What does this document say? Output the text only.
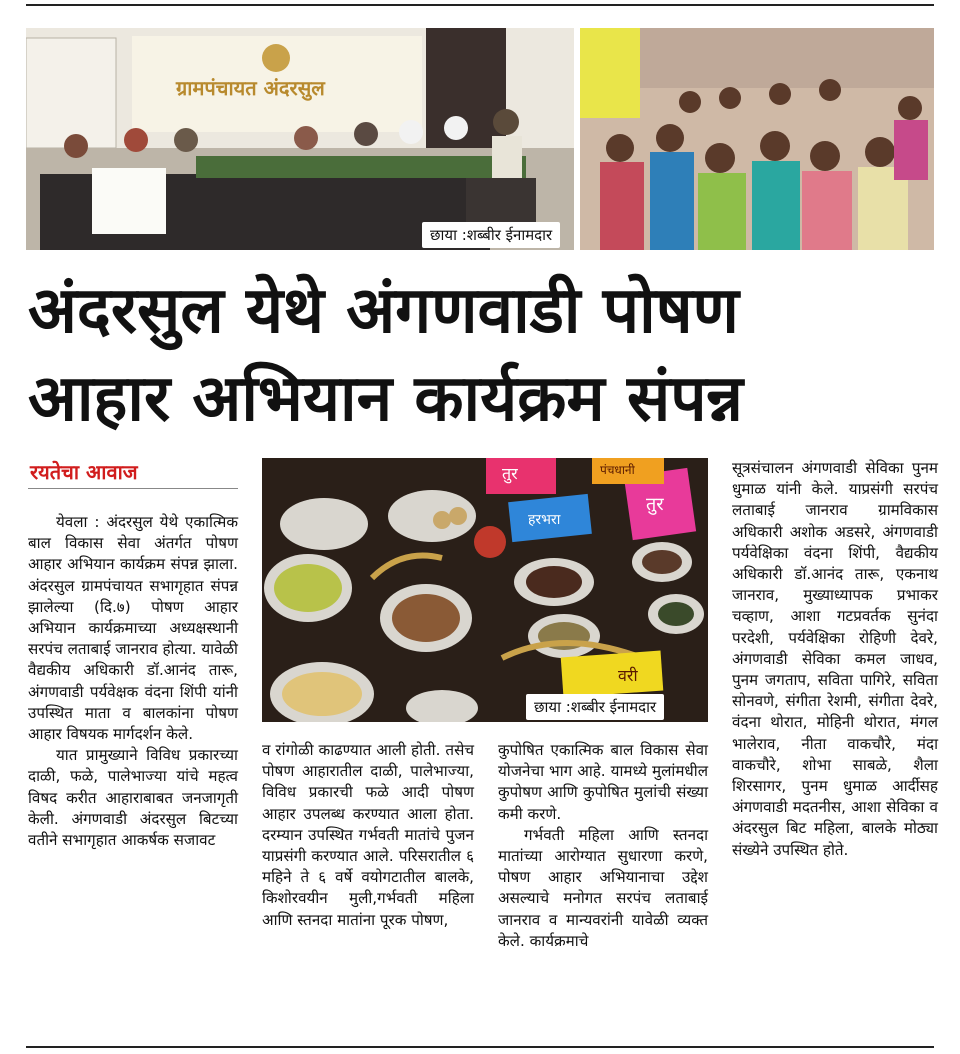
ग्रामपंचायत अंदरसुल
छाया :शब्बीर ईनामदार
अंदरसुल येथे अंगणवाडी पोषण
आहार अभियान कार्यक्रम संपन्न
रयतेचा आवाज	तुर
हरभरा
तुर
पंचधानी
वरी
छाया :शब्बीर ईनामदार

येवला : अंदरसुल येथे एकात्मिक बाल विकास सेवा अंतर्गत पोषण आहार अभियान कार्यक्रम संपन्न झाला. अंदरसुल ग्रामपंचायत सभागृहात संपन्न झालेल्या (दि.७) पोषण आहार अभियान कार्यक्रमाच्या अध्यक्षस्थानी सरपंच लताबाई जानराव होत्या. यावेळी वैद्यकीय अधिकारी डॉ.आनंद तारू, अंगणवाडी पर्यवेक्षक वंदना शिंपी यांनी उपस्थित माता व बालकांना पोषण आहार विषयक मार्गदर्शन केले.

यात प्रामुख्याने विविध प्रकारच्या दाळी, फळे, पालेभाज्या यांचे महत्व विषद करीत आहाराबाबत जनजागृती केली. अंगणवाडी अंदरसुल बिटच्या वतीने सभागृहात आकर्षक सजावट

व रांगोळी काढण्यात आली होती. तसेच पोषण आहारातील दाळी, पालेभाज्या, विविध प्रकारची फळे आदी पोषण आहार उपलब्ध करण्यात आला होता. दरम्यान उपस्थित गर्भवती मातांचे पुजन याप्रसंगी करण्यात आले. परिसरातील ६ महिने ते ६ वर्षे वयोगटातील बालके, किशोरवयीन मुली,गर्भवती महिला आणि स्तनदा मातांना पूरक पोषण,

कुपोषित एकात्मिक बाल विकास सेवा योजनेचा भाग आहे. यामध्ये मुलांमधील कुपोषण आणि कुपोषित मुलांची संख्या कमी करणे.

गर्भवती महिला आणि स्तनदा मातांच्या आरोग्यात सुधारणा करणे, पोषण आहार अभियानाचा उद्देश असल्याचे मनोगत सरपंच लताबाई जानराव व मान्यवरांनी यावेळी व्यक्त केले. कार्यक्रमाचे

सूत्रसंचालन अंगणवाडी सेविका पुनम धुमाळ यांनी केले. याप्रसंगी सरपंच लताबाई जानराव ग्रामविकास अधिकारी अशोक अडसरे, अंगणवाडी पर्यवेक्षिका वंदना शिंपी, वैद्यकीय अधिकारी डॉ.आनंद तारू, एकनाथ जानराव, मुख्याध्यापक प्रभाकर चव्हाण, आशा गटप्रवर्तक सुनंदा परदेशी, पर्यवेक्षिका रोहिणी देवरे, अंगणवाडी सेविका कमल जाधव, पुनम जगताप, सविता पागिरे, सविता सोनवणे, संगीता रेशमी, संगीता देवरे, वंदना थोरात, मोहिनी थोरात, मंगल भालेराव, नीता वाकचौरे, मंदा वाकचौरे, शोभा साबळे, शैला शिरसागर, पुनम धुमाळ आर्दीसह अंगणवाडी मदतनीस, आशा सेविका व अंदरसुल बिट महिला, बालके मोठ्या संख्येने उपस्थित होते.
